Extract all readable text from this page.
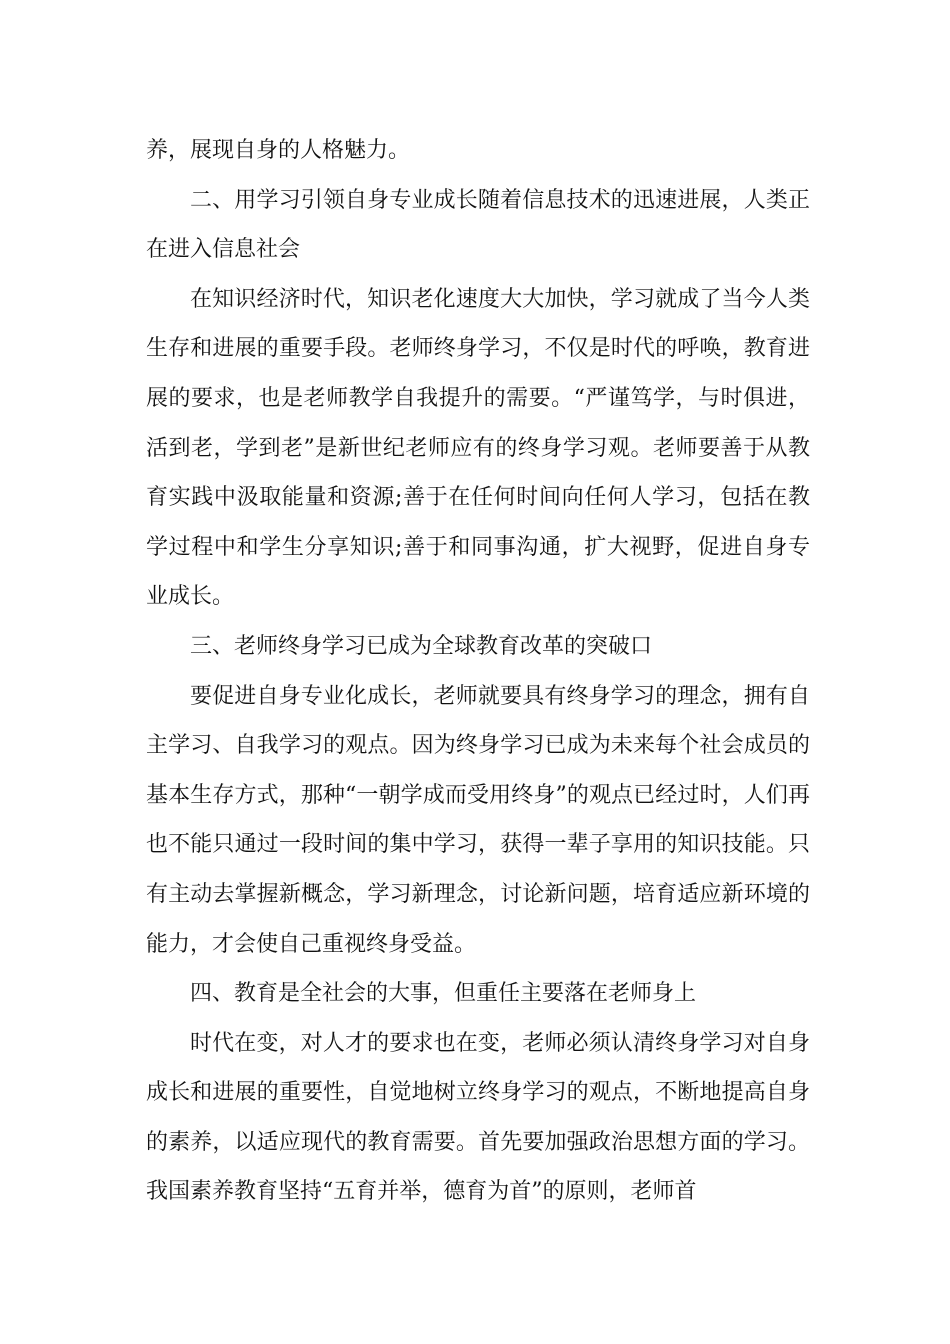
养，展现自身的人格魅力。

二、用学习引领自身专业成长随着信息技术的迅速进展，人类正在进入信息社会

在知识经济时代，知识老化速度大大加快，学习就成了当今人类生存和进展的重要手段。老师终身学习，不仅是时代的呼唤，教育进展的要求，也是老师教学自我提升的需要。“严谨笃学，与时俱进，活到老，学到老”是新世纪老师应有的终身学习观。老师要善于从教育实践中汲取能量和资源;善于在任何时间向任何人学习，包括在教学过程中和学生分享知识;善于和同事沟通，扩大视野，促进自身专业成长。

三、老师终身学习已成为全球教育改革的突破口

要促进自身专业化成长，老师就要具有终身学习的理念，拥有自主学习、自我学习的观点。因为终身学习已成为未来每个社会成员的基本生存方式，那种“一朝学成而受用终身”的观点已经过时，人们再也不能只通过一段时间的集中学习，获得一辈子享用的知识技能。只有主动去掌握新概念，学习新理念，讨论新问题，培育适应新环境的能力，才会使自己重视终身受益。

四、教育是全社会的大事，但重任主要落在老师身上

时代在变，对人才的要求也在变，老师必须认清终身学习对自身成长和进展的重要性，自觉地树立终身学习的观点，不断地提高自身的素养，以适应现代的教育需要。首先要加强政治思想方面的学习。我国素养教育坚持“五育并举，德育为首”的原则，老师首
